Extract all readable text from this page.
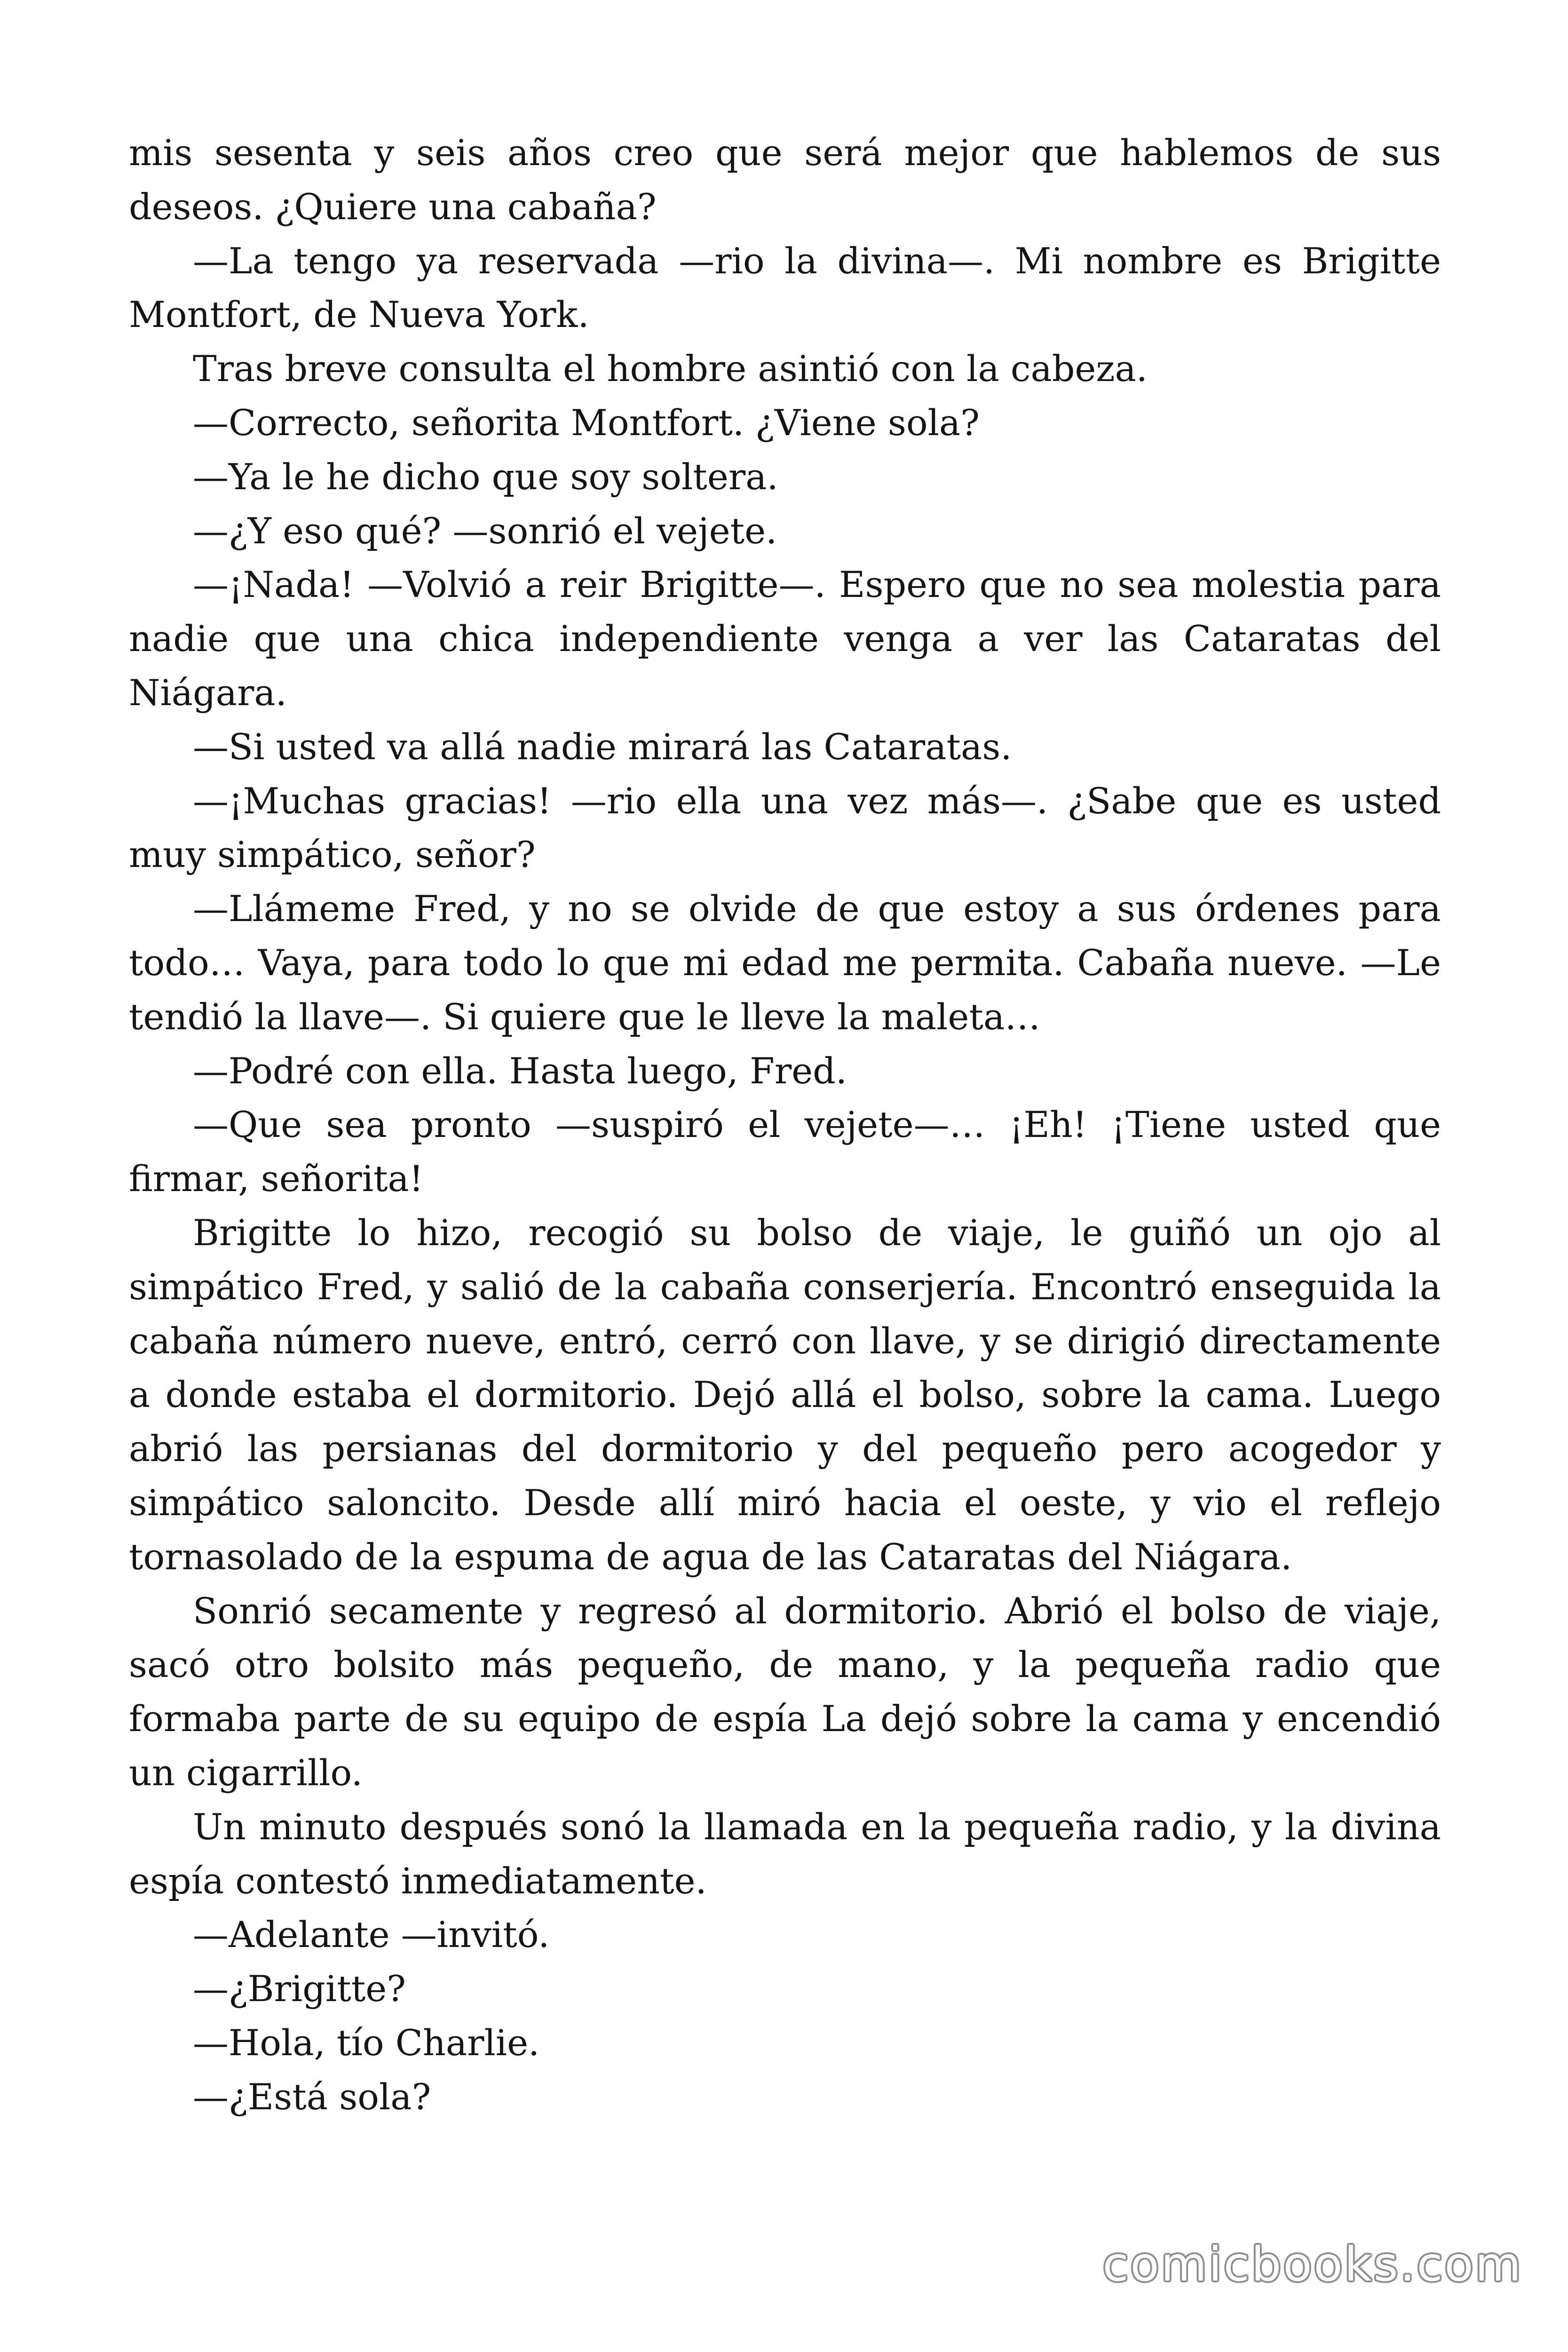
mis sesenta y seis años creo que será mejor que hablemos de sus deseos. ¿Quiere una cabaña?

—La tengo ya reservada —rio la divina—. Mi nombre es Brigitte Montfort, de Nueva York.

Tras breve consulta el hombre asintió con la cabeza.

—Correcto, señorita Montfort. ¿Viene sola?

—Ya le he dicho que soy soltera.

—¿Y eso qué? —sonrió el vejete.

—¡Nada! —Volvió a reir Brigitte—. Espero que no sea molestia para nadie que una chica independiente venga a ver las Cataratas del Niágara.

—Si usted va allá nadie mirará las Cataratas.

—¡Muchas gracias! —rio ella una vez más—. ¿Sabe que es usted muy simpático, señor?

—Llámeme Fred, y no se olvide de que estoy a sus órdenes para todo… Vaya, para todo lo que mi edad me permita. Cabaña nueve. —Le tendió la llave—. Si quiere que le lleve la maleta…

—Podré con ella. Hasta luego, Fred.

—Que sea pronto —suspiró el vejete—… ¡Eh! ¡Tiene usted que firmar, señorita!

Brigitte lo hizo, recogió su bolso de viaje, le guiñó un ojo al simpático Fred, y salió de la cabaña conserjería. Encontró enseguida la cabaña número nueve, entró, cerró con llave, y se dirigió directamente a donde estaba el dormitorio. Dejó allá el bolso, sobre la cama. Luego abrió las persianas del dormitorio y del pequeño pero acogedor y simpático saloncito. Desde allí miró hacia el oeste, y vio el reflejo tornasolado de la espuma de agua de las Cataratas del Niágara.

Sonrió secamente y regresó al dormitorio. Abrió el bolso de viaje, sacó otro bolsito más pequeño, de mano, y la pequeña radio que formaba parte de su equipo de espía La dejó sobre la cama y encendió un cigarrillo.

Un minuto después sonó la llamada en la pequeña radio, y la divina espía contestó inmediatamente.

—Adelante —invitó.

—¿Brigitte?

—Hola, tío Charlie.

—¿Está sola?

comicbooks.com
